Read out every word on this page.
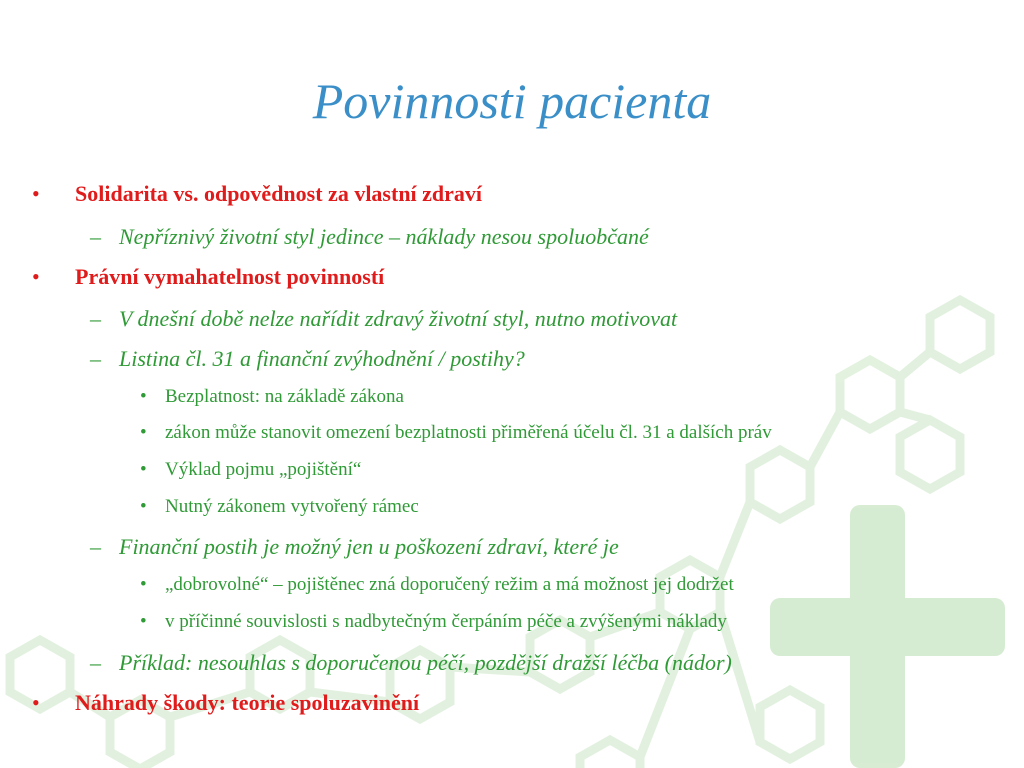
Povinnosti pacienta
• Solidarita vs. odpovědnost za vlastní zdraví
– Nepříznivý životní styl jedince – náklady nesou spoluobčané
• Právní vymahatelnost povinností
– V dnešní době nelze nařídit zdravý životní styl, nutno motivovat
– Listina čl. 31 a finanční zvýhodnění / postihy?
• Bezplatnost: na základě zákona
• zákon může stanovit omezení bezplatnosti přiměřená účelu čl. 31 a dalších práv
• Výklad pojmu „pojištění“
• Nutný zákonem vytvořený rámec
– Finanční postih je možný jen u poškození zdraví, které je
• „dobrovolné“ – pojištěnec zná doporučený režim a má možnost jej dodržet
• v příčinné souvislosti s nadbytečným čerpáním péče a zvýšenými náklady
– Příklad: nesouhlas s doporučenou péčí, pozdější dražší léčba (nádor)
• Náhrady škody: teorie spoluzavinění
